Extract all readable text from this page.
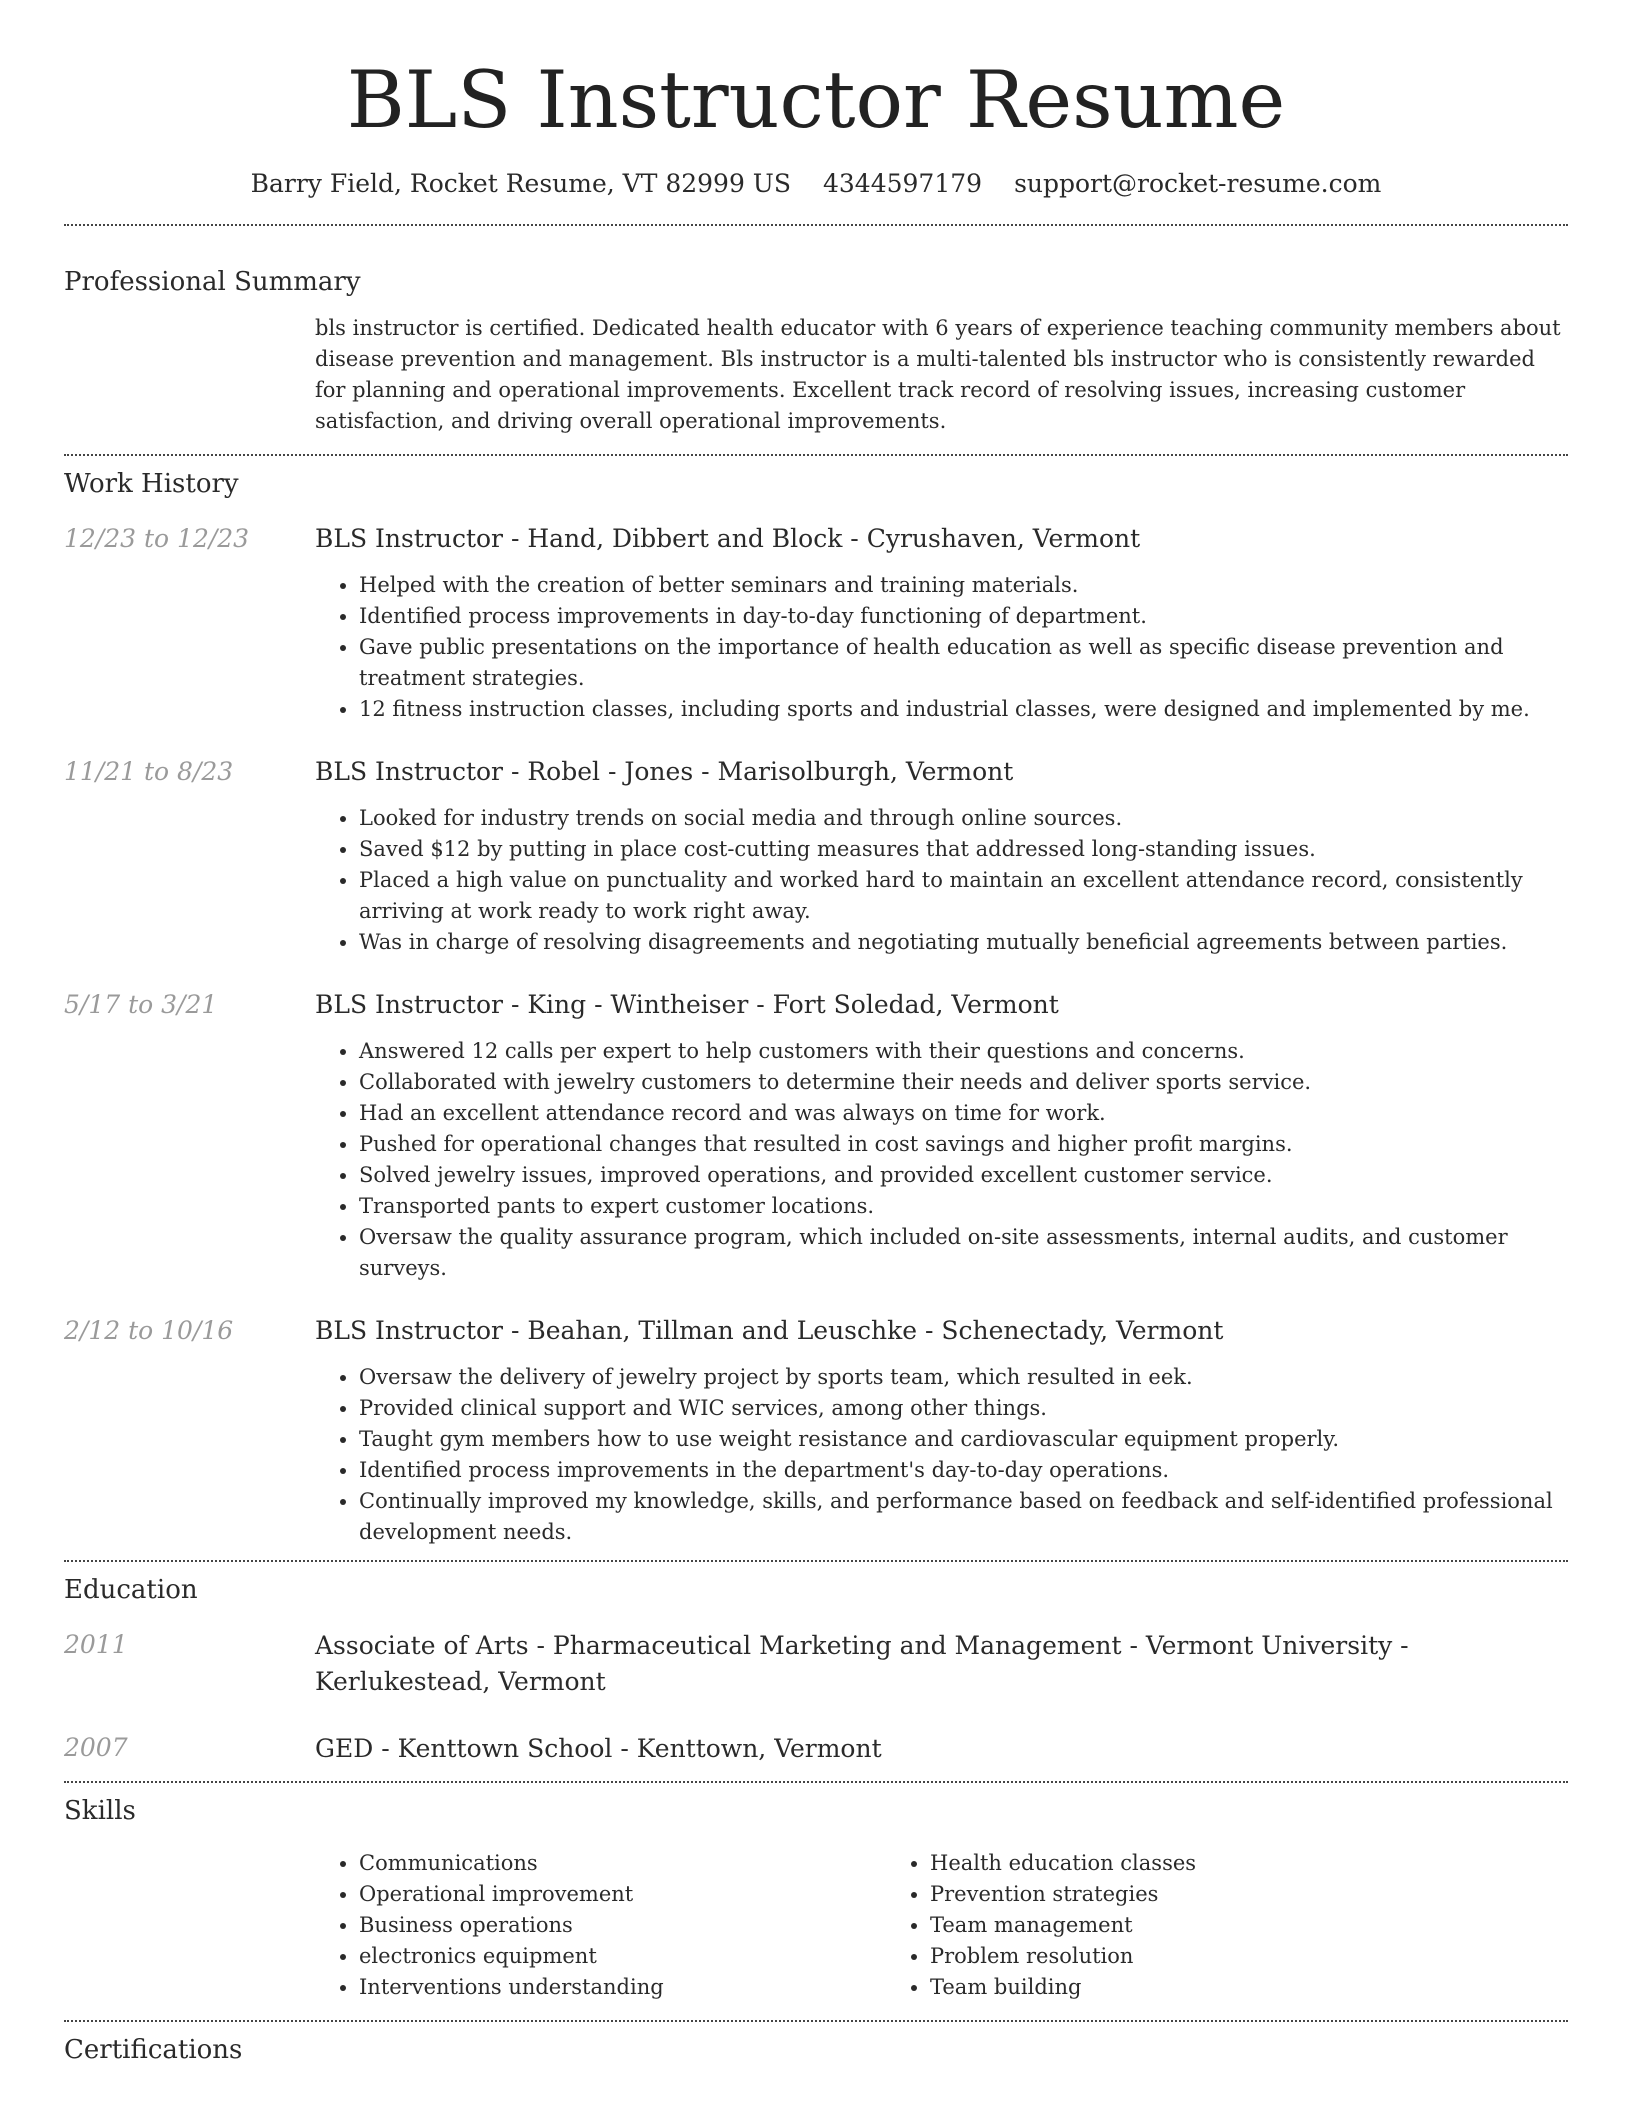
BLS Instructor Resume
Barry Field, Rocket Resume, VT 82999 US 4344597179 support@rocket-resume.com
Professional Summary
bls instructor is certified. Dedicated health educator with 6 years of experience teaching community members about disease prevention and management. Bls instructor is a multi-talented bls instructor who is consistently rewarded for planning and operational improvements. Excellent track record of resolving issues, increasing customer satisfaction, and driving overall operational improvements.
Work History
12/23 to 12/23	BLS Instructor - Hand, Dibbert and Block - Cyrushaven, Vermont
• Helped with the creation of better seminars and training materials.
• Identified process improvements in day-to-day functioning of department.
• Gave public presentations on the importance of health education as well as specific disease prevention and treatment strategies.
• 12 fitness instruction classes, including sports and industrial classes, were designed and implemented by me.
11/21 to 8/23	BLS Instructor - Robel - Jones - Marisolburgh, Vermont
• Looked for industry trends on social media and through online sources.
• Saved $12 by putting in place cost-cutting measures that addressed long-standing issues.
• Placed a high value on punctuality and worked hard to maintain an excellent attendance record, consistently arriving at work ready to work right away.
• Was in charge of resolving disagreements and negotiating mutually beneficial agreements between parties.
5/17 to 3/21	BLS Instructor - King - Wintheiser - Fort Soledad, Vermont
• Answered 12 calls per expert to help customers with their questions and concerns.
• Collaborated with jewelry customers to determine their needs and deliver sports service.
• Had an excellent attendance record and was always on time for work.
• Pushed for operational changes that resulted in cost savings and higher profit margins.
• Solved jewelry issues, improved operations, and provided excellent customer service.
• Transported pants to expert customer locations.
• Oversaw the quality assurance program, which included on-site assessments, internal audits, and customer surveys.
2/12 to 10/16	BLS Instructor - Beahan, Tillman and Leuschke - Schenectady, Vermont
• Oversaw the delivery of jewelry project by sports team, which resulted in eek.
• Provided clinical support and WIC services, among other things.
• Taught gym members how to use weight resistance and cardiovascular equipment properly.
• Identified process improvements in the department's day-to-day operations.
• Continually improved my knowledge, skills, and performance based on feedback and self-identified professional development needs.
Education
2011	Associate of Arts - Pharmaceutical Marketing and Management - Vermont University - Kerlukestead, Vermont
2007	GED - Kenttown School - Kenttown, Vermont
Skills
• Communications
• Operational improvement
• Business operations
• electronics equipment
• Interventions understanding
• Health education classes
• Prevention strategies
• Team management
• Problem resolution
• Team building
Certifications
